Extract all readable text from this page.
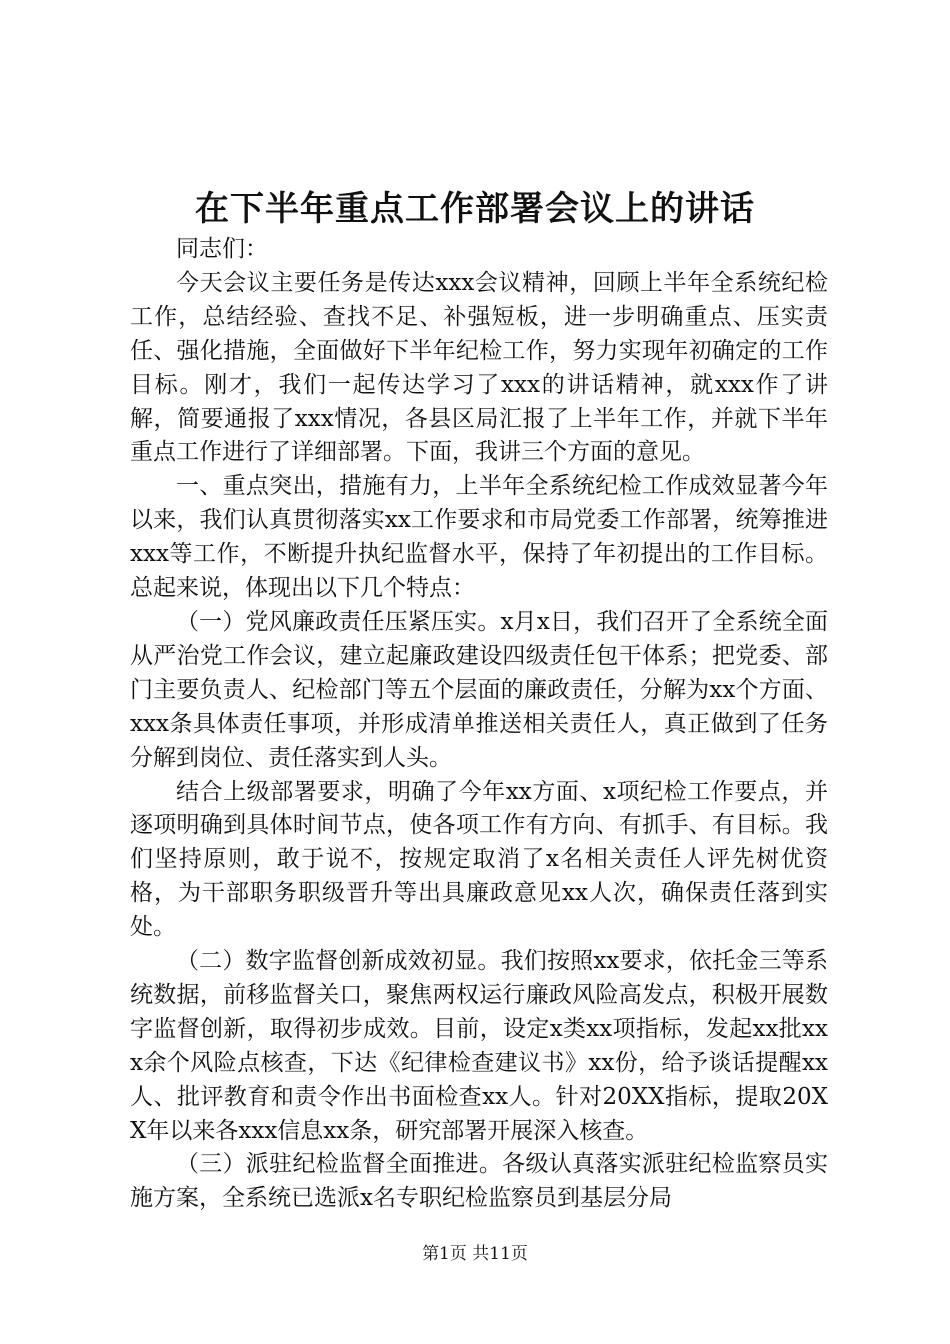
在下半年重点工作部署会议上的讲话

同志们：

今天会议主要任务是传达xxx会议精神，回顾上半年全系统纪检工作，总结经验、查找不足、补强短板，进一步明确重点、压实责任、强化措施，全面做好下半年纪检工作，努力实现年初确定的工作目标。刚才，我们一起传达学习了xxx的讲话精神，就xxx作了讲解，简要通报了xxx情况，各县区局汇报了上半年工作，并就下半年重点工作进行了详细部署。下面，我讲三个方面的意见。

一、重点突出，措施有力，上半年全系统纪检工作成效显著今年以来，我们认真贯彻落实xx工作要求和市局党委工作部署，统筹推进xxx等工作，不断提升执纪监督水平，保持了年初提出的工作目标。总起来说，体现出以下几个特点：

（一）党风廉政责任压紧压实。x月x日，我们召开了全系统全面从严治党工作会议，建立起廉政建设四级责任包干体系；把党委、部门主要负责人、纪检部门等五个层面的廉政责任，分解为xx个方面、xxx条具体责任事项，并形成清单推送相关责任人，真正做到了任务分解到岗位、责任落实到人头。

结合上级部署要求，明确了今年xx方面、x项纪检工作要点，并逐项明确到具体时间节点，使各项工作有方向、有抓手、有目标。我们坚持原则，敢于说不，按规定取消了x名相关责任人评先树优资格，为干部职务职级晋升等出具廉政意见xx人次，确保责任落到实处。

（二）数字监督创新成效初显。我们按照xx要求，依托金三等系统数据，前移监督关口，聚焦两权运行廉政风险高发点，积极开展数字监督创新，取得初步成效。目前，设定x类xx项指标，发起xx批xxx余个风险点核查，下达《纪律检查建议书》xx份，给予谈话提醒xx人、批评教育和责令作出书面检查xx人。针对20XX指标，提取20XX年以来各xxx信息xx条，研究部署开展深入核查。

（三）派驻纪检监督全面推进。各级认真落实派驻纪检监察员实施方案，全系统已选派x名专职纪检监察员到基层分局

第1页 共11页
